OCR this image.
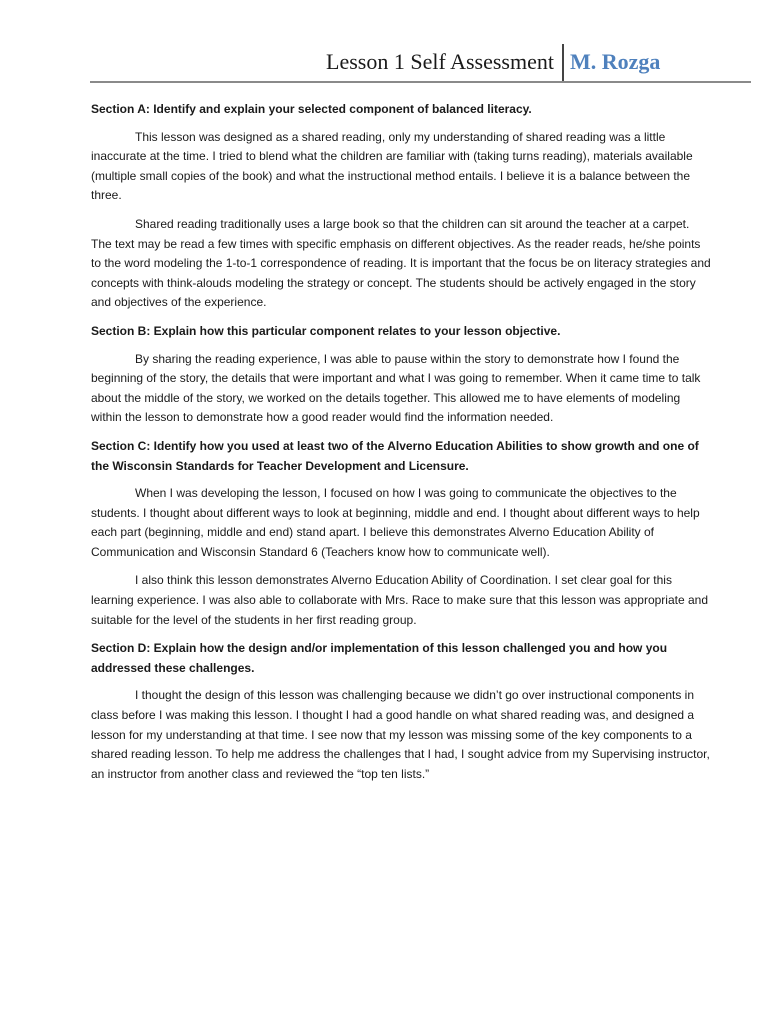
Lesson 1 Self Assessment M. Rozga

Section A: Identify and explain your selected component of balanced literacy.

This lesson was designed as a shared reading, only my understanding of shared reading was a little inaccurate at the time. I tried to blend what the children are familiar with (taking turns reading), materials available (multiple small copies of the book) and what the instructional method entails. I believe it is a balance between the three.

Shared reading traditionally uses a large book so that the children can sit around the teacher at a carpet. The text may be read a few times with specific emphasis on different objectives. As the reader reads, he/she points to the word modeling the 1-to-1 correspondence of reading. It is important that the focus be on literacy strategies and concepts with think-alouds modeling the strategy or concept. The students should be actively engaged in the story and objectives of the experience.

Section B: Explain how this particular component relates to your lesson objective.

By sharing the reading experience, I was able to pause within the story to demonstrate how I found the beginning of the story, the details that were important and what I was going to remember. When it came time to talk about the middle of the story, we worked on the details together. This allowed me to have elements of modeling within the lesson to demonstrate how a good reader would find the information needed.

Section C: Identify how you used at least two of the Alverno Education Abilities to show growth and one of the Wisconsin Standards for Teacher Development and Licensure.

When I was developing the lesson, I focused on how I was going to communicate the objectives to the students. I thought about different ways to look at beginning, middle and end. I thought about different ways to help each part (beginning, middle and end) stand apart. I believe this demonstrates Alverno Education Ability of Communication and Wisconsin Standard 6 (Teachers know how to communicate well).

I also think this lesson demonstrates Alverno Education Ability of Coordination. I set clear goal for this learning experience. I was also able to collaborate with Mrs. Race to make sure that this lesson was appropriate and suitable for the level of the students in her first reading group.

Section D: Explain how the design and/or implementation of this lesson challenged you and how you addressed these challenges.

I thought the design of this lesson was challenging because we didn’t go over instructional components in class before I was making this lesson. I thought I had a good handle on what shared reading was, and designed a lesson for my understanding at that time. I see now that my lesson was missing some of the key components to a shared reading lesson. To help me address the challenges that I had, I sought advice from my Supervising instructor, an instructor from another class and reviewed the “top ten lists.”
